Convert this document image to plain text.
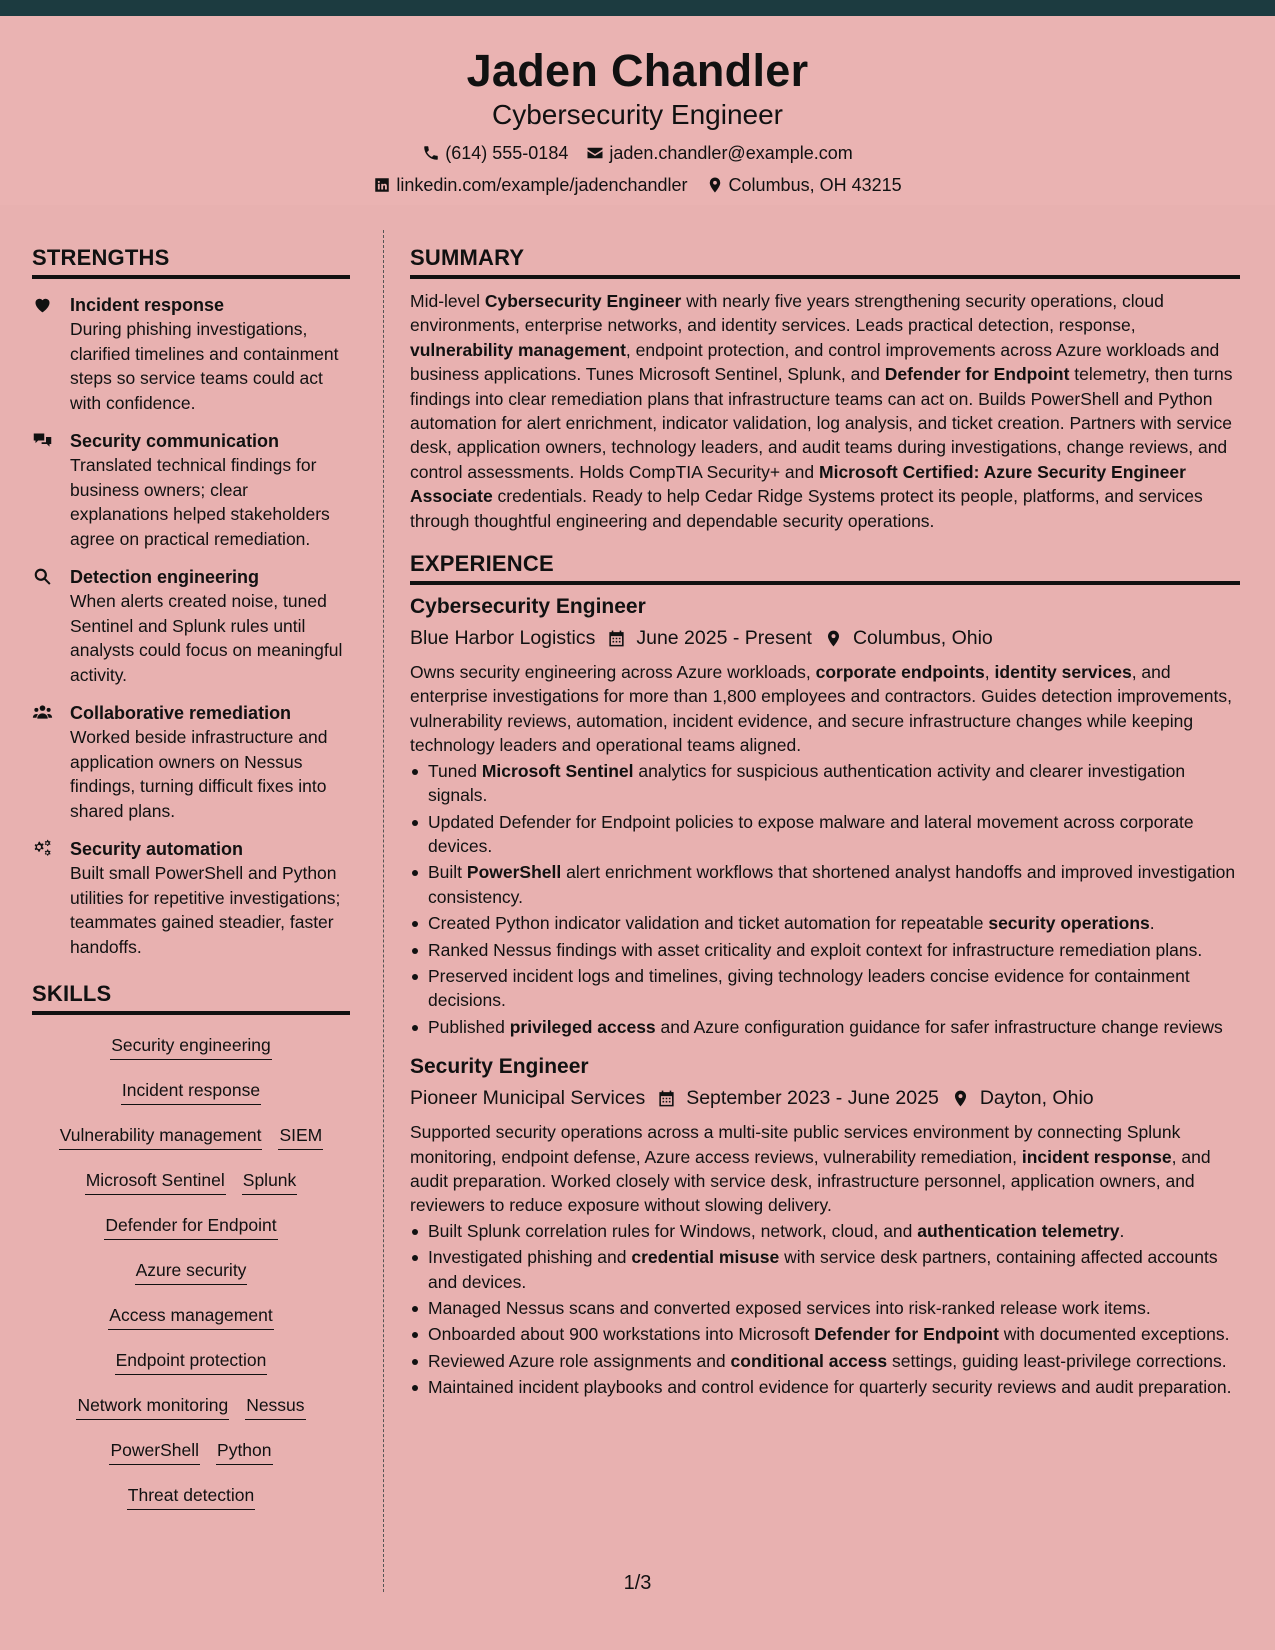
Jaden Chandler
Cybersecurity Engineer
(614) 555-0184 jaden.chandler@example.com
linkedin.com/example/jadenchandler Columbus, OH 43215
STRENGTHS
Incident response
During phishing investigations, clarified timelines and containment steps so service teams could act with confidence.
Security communication
Translated technical findings for business owners; clear explanations helped stakeholders agree on practical remediation.
Detection engineering
When alerts created noise, tuned Sentinel and Splunk rules until analysts could focus on meaningful activity.
Collaborative remediation
Worked beside infrastructure and application owners on Nessus findings, turning difficult fixes into shared plans.
Security automation
Built small PowerShell and Python utilities for repetitive investigations; teammates gained steadier, faster handoffs.
SKILLS
Security engineering
Incident response
Vulnerability management SIEM
Microsoft Sentinel Splunk
Defender for Endpoint
Azure security
Access management
Endpoint protection
Network monitoring Nessus
PowerShell Python
Threat detection
SUMMARY

Mid-level Cybersecurity Engineer with nearly five years strengthening security operations, cloud environments, enterprise networks, and identity services. Leads practical detection, response, vulnerability management, endpoint protection, and control improvements across Azure workloads and business applications. Tunes Microsoft Sentinel, Splunk, and Defender for Endpoint telemetry, then turns findings into clear remediation plans that infrastructure teams can act on. Builds PowerShell and Python automation for alert enrichment, indicator validation, log analysis, and ticket creation. Partners with service desk, application owners, technology leaders, and audit teams during investigations, change reviews, and control assessments. Holds CompTIA Security+ and Microsoft Certified: Azure Security Engineer Associate credentials. Ready to help Cedar Ridge Systems protect its people, platforms, and services through thoughtful engineering and dependable security operations.

EXPERIENCE
Cybersecurity Engineer
Blue Harbor Logistics June 2025 - Present Columbus, Ohio

Owns security engineering across Azure workloads, corporate endpoints, identity services, and enterprise investigations for more than 1,800 employees and contractors. Guides detection improvements, vulnerability reviews, automation, incident evidence, and secure infrastructure changes while keeping technology leaders and operational teams aligned.

Tuned Microsoft Sentinel analytics for suspicious authentication activity and clearer investigation signals.
Updated Defender for Endpoint policies to expose malware and lateral movement across corporate devices.
Built PowerShell alert enrichment workflows that shortened analyst handoffs and improved investigation consistency.
Created Python indicator validation and ticket automation for repeatable security operations.
Ranked Nessus findings with asset criticality and exploit context for infrastructure remediation plans.
Preserved incident logs and timelines, giving technology leaders concise evidence for containment decisions.
Published privileged access and Azure configuration guidance for safer infrastructure change reviews
Security Engineer
Pioneer Municipal Services September 2023 - June 2025 Dayton, Ohio

Supported security operations across a multi-site public services environment by connecting Splunk monitoring, endpoint defense, Azure access reviews, vulnerability remediation, incident response, and audit preparation. Worked closely with service desk, infrastructure personnel, application owners, and reviewers to reduce exposure without slowing delivery.

Built Splunk correlation rules for Windows, network, cloud, and authentication telemetry.
Investigated phishing and credential misuse with service desk partners, containing affected accounts and devices.
Managed Nessus scans and converted exposed services into risk-ranked release work items.
Onboarded about 900 workstations into Microsoft Defender for Endpoint with documented exceptions.
Reviewed Azure role assignments and conditional access settings, guiding least-privilege corrections.
Maintained incident playbooks and control evidence for quarterly security reviews and audit preparation.
1/3
